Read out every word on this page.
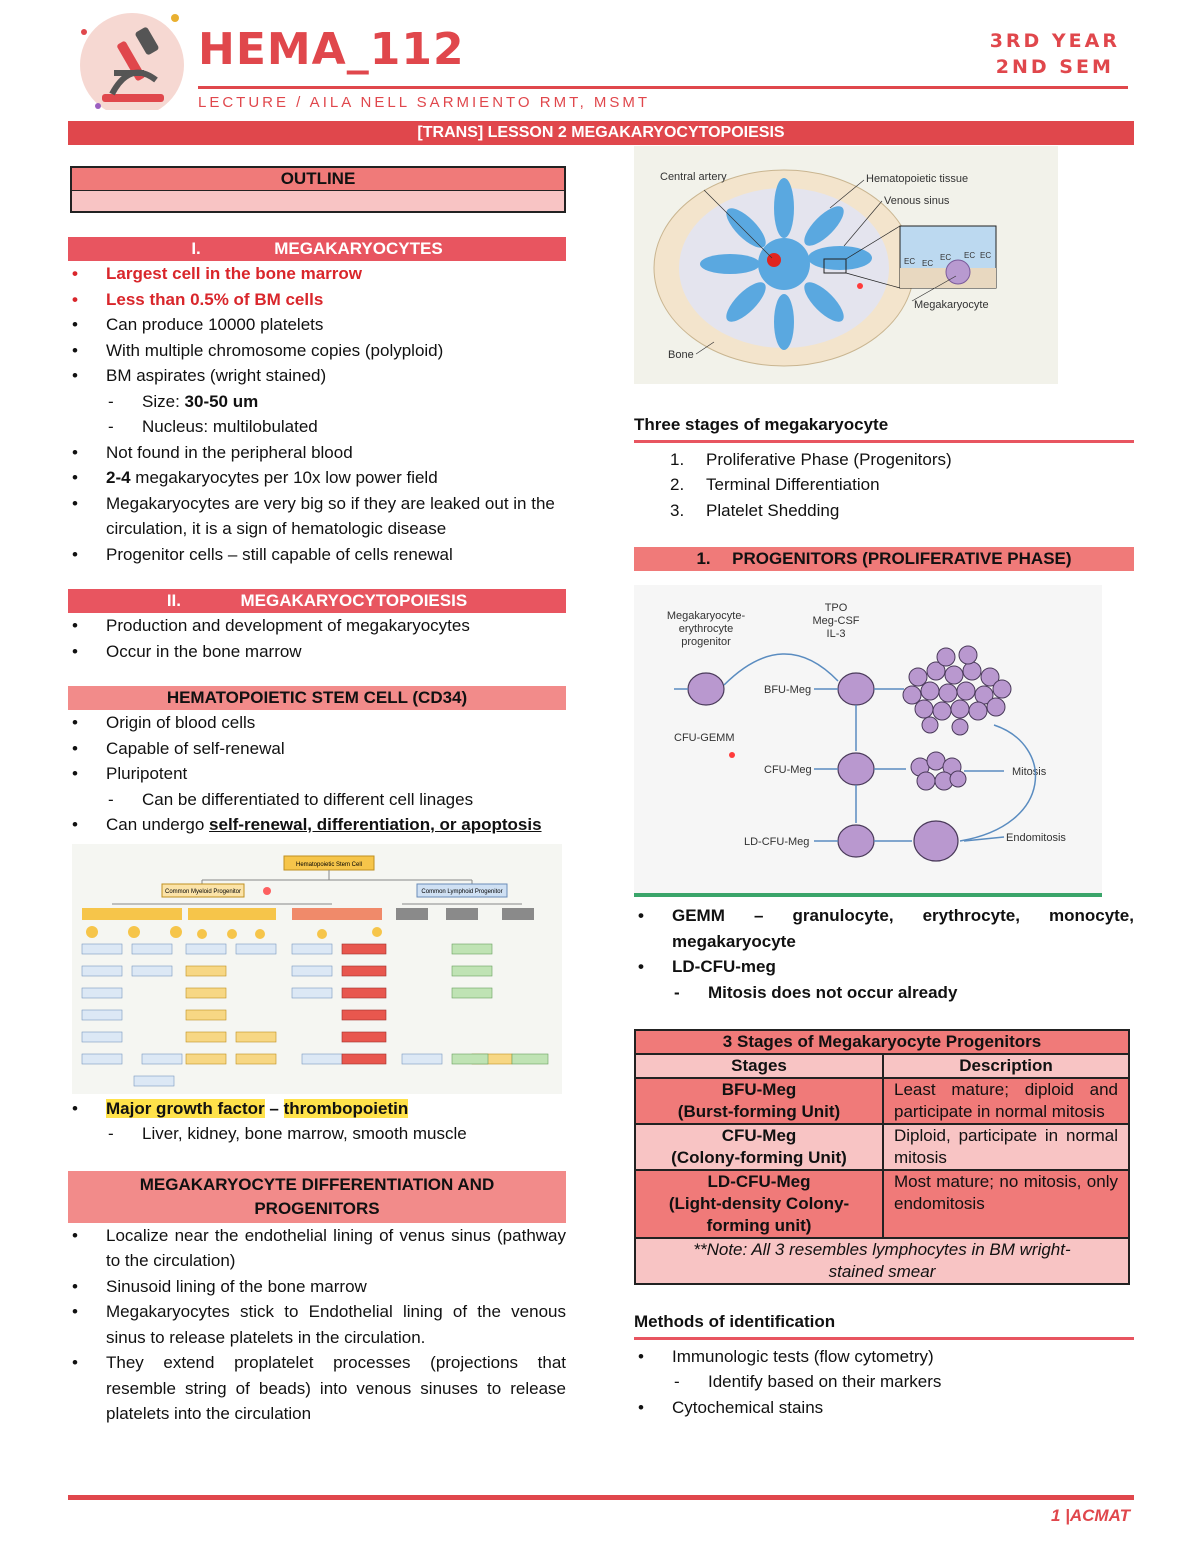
HEMA_112
LECTURE / AILA NELL SARMIENTO RMT, MSMT
3RD YEAR
2ND SEM
[TRANS] LESSON 2 MEGAKARYOCYTOPOIESIS
OUTLINE
I.	MEGAKARYOCYTES
• Largest cell in the bone marrow
• Less than 0.5% of BM cells
• Can produce 10000 platelets
• With multiple chromosome copies (polyploid)
• BM aspirates (wright stained)
- Size: 30-50 um
- Nucleus: multilobulated
• Not found in the peripheral blood
• 2-4 megakaryocytes per 10x low power field
• Megakaryocytes are very big so if they are leaked out in the circulation, it is a sign of hematologic disease
• Progenitor cells – still capable of cells renewal
II.	MEGAKARYOCYTOPOIESIS
• Production and development of megakaryocytes
• Occur in the bone marrow
HEMATOPOIETIC STEM CELL (CD34)
• Origin of blood cells
• Capable of self-renewal
• Pluripotent
- Can be differentiated to different cell linages
• Can undergo self-renewal, differentiation, or apoptosis
Hematopoietic Stem Cell
Common Myeloid Progenitor	Common Lymphoid Progenitor
• Major growth factor – thrombopoietin
- Liver, kidney, bone marrow, smooth muscle
MEGAKARYOCYTE DIFFERENTIATION AND PROGENITORS
• Localize near the endothelial lining of venus sinus (pathway to the circulation)
• Sinusoid lining of the bone marrow
• Megakaryocytes stick to Endothelial lining of the venous sinus to release platelets in the circulation.
• They extend proplatelet processes (projections that resemble string of beads) into venous sinuses to release platelets into the circulation
EC EC
EC EC EC
Central artery	Hematopoietic tissue
Venous sinus
Megakaryocyte
Bone
Three stages of megakaryocyte
1. Proliferative Phase (Progenitors)
2. Terminal Differentiation
3. Platelet Shedding
1. PROGENITORS (PROLIFERATIVE PHASE)
Megakaryocyte-
erythrocyte
progenitor
TPO
Meg-CSF
IL-3
BFU-Meg
CFU-GEMM
CFU-Meg
LD-CFU-Meg
Mitosis
Endomitosis
• GEMM – granulocyte, erythrocyte, monocyte, megakaryocyte
• LD-CFU-meg
- Mitosis does not occur already
3 Stages of Megakaryocyte Progenitors	
Stages	Description

BFU-Meg
(Burst-forming Unit)	Least mature; diploid and participate in normal mitosis

CFU-Meg
(Colony-forming Unit)	Diploid, participate in normal mitosis

LD-CFU-Meg
(Light-density Colony-forming unit)	Most mature; no mitosis, only endomitosis
**Note: All 3 resembles lymphocytes in BM wright-stained smear	
Methods of identification
• Immunologic tests (flow cytometry)
- Identify based on their markers
• Cytochemical stains
1 |ACMAT
